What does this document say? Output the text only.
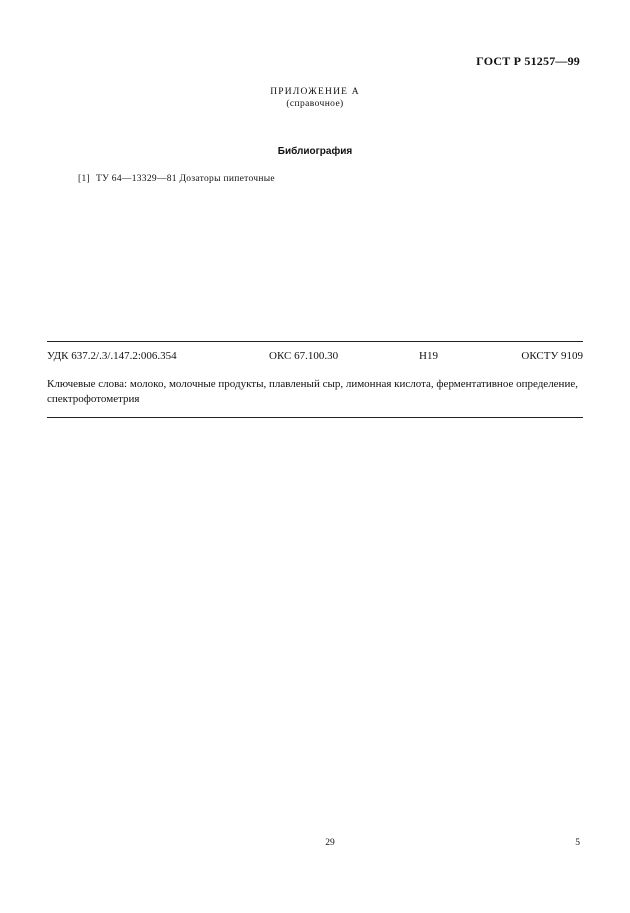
ГОСТ Р 51257—99
ПРИЛОЖЕНИЕ А
(справочное)
Библиография
[1] ТУ 64—13329—81 Дозаторы пипеточные
УДК 637.2/.3/.147.2:006.354	ОКС 67.100.30	Н19	ОКСТУ 9109
Ключевые слова: молоко, молочные продукты, плавленый сыр, лимонная кислота, ферментативное определение, спектрофотометрия
29	5
